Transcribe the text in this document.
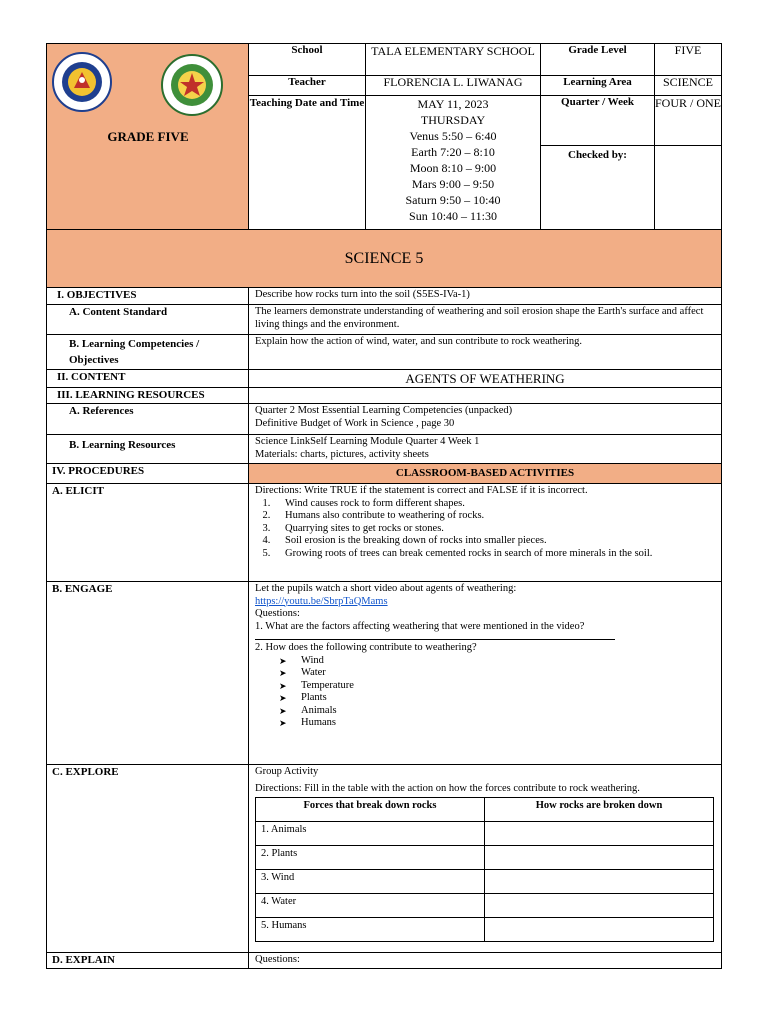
GRADE FIVE
	School	TALA ELEMENTARY SCHOOL	Grade Level	FIVE
Teacher	FLORENCIA L. LIWANAG	Learning Area	SCIENCE
Teaching Date and Time	MAY 11, 2023
THURSDAY
Venus 5:50 – 6:40
Earth 7:20 – 8:10
Moon 8:10 – 9:00
Mars 9:00 – 9:50
Saturn 9:50 – 10:40
Sun 10:40 – 11:30
	Quarter / Week	FOUR / ONE
Checked by:	
SCIENCE 5
I. OBJECTIVES	Describe how rocks turn into the soil (S5ES-IVa-1)
A. Content Standard	The learners demonstrate understanding of weathering and soil erosion shape the Earth's surface and affect living things and the environment.
B. Learning Competencies / Objectives	Explain how the action of wind, water, and sun contribute to rock weathering.
II. CONTENT	AGENTS OF WEATHERING
III. LEARNING RESOURCES	
A. References	Quarter 2 Most Essential Learning Competencies (unpacked)
Definitive Budget of Work in Science , page 30

B. Learning Resources	Science LinkSelf Learning Module Quarter 4 Week 1
Materials: charts, pictures, activity sheets

IV. PROCEDURES	CLASSROOM-BASED ACTIVITIES
A. ELICIT	Directions: Write TRUE if the statement is correct and FALSE if it is incorrect.
1. Wind causes rock to form different shapes.
2. Humans also contribute to weathering of rocks.
3. Quarrying sites to get rocks or stones.
4. Soil erosion is the breaking down of rocks into smaller pieces.
5. Growing roots of trees can break cemented rocks in search of more minerals in the soil.

B. ENGAGE	Let the pupils watch a short video about agents of weathering:
https://youtu.be/SbrpTaQMams
Questions:
1. What are the factors affecting weathering that were mentioned in the video?
2. How does the following contribute to weathering?
➤ Wind
➤ Water
➤ Temperature
➤ Plants
➤ Animals
➤ Humans

C. EXPLORE	Group Activity
Directions: Fill in the table with the action on how the forces contribute to rock weathering.
Forces that break down rocks	How rocks are broken down
1. Animals	
2. Plants	
3. Wind	
4. Water	
5. Humans	

D. EXPLAIN	Questions:
